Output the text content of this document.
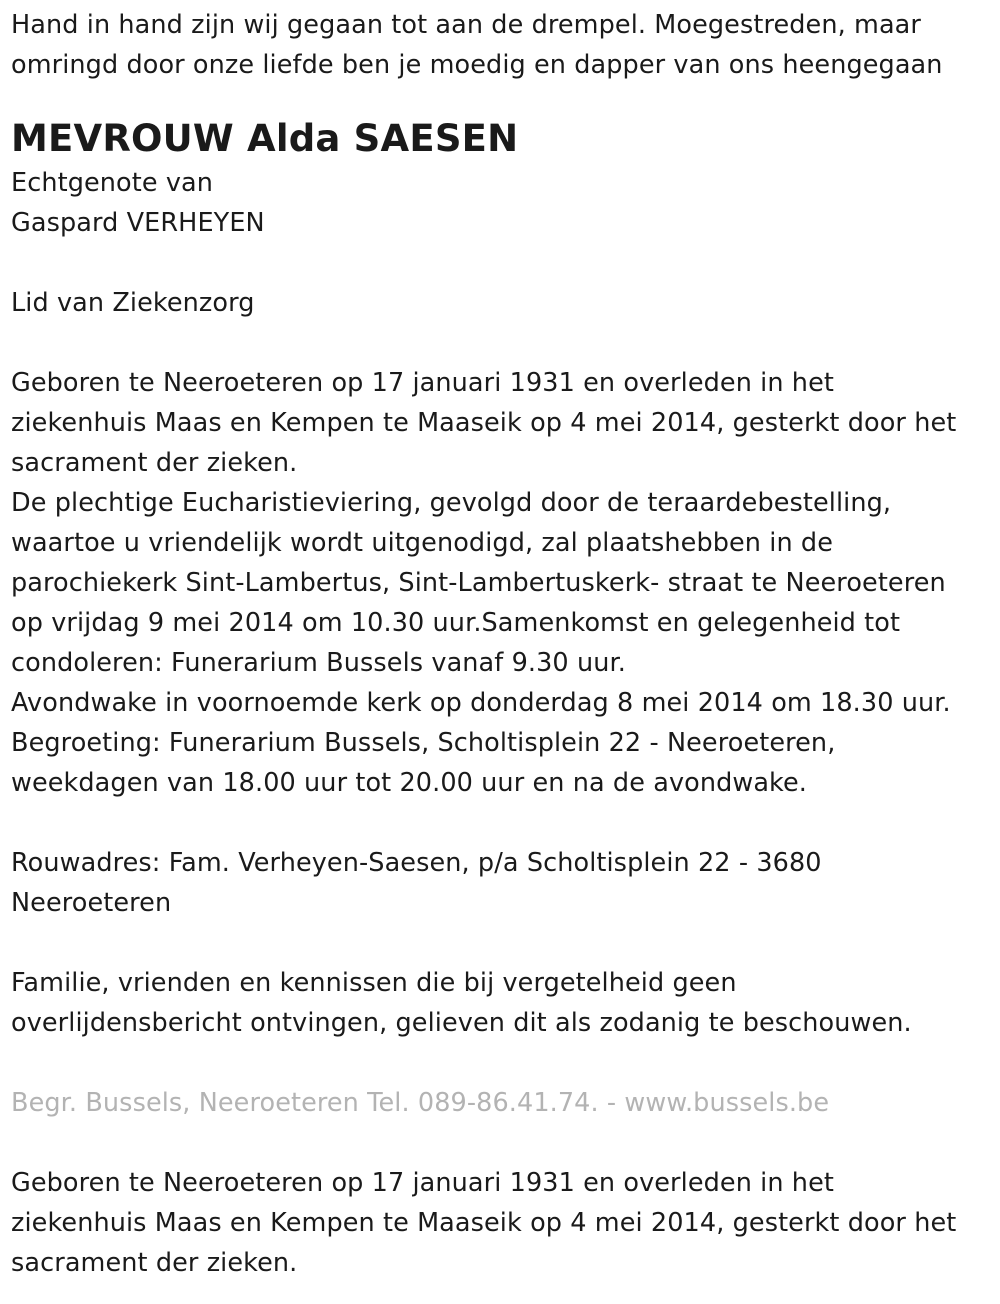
Hand in hand zijn wij gegaan tot aan de drempel. Moegestreden, maar
omringd door onze liefde ben je moedig en dapper van ons heengegaan
MEVROUW Alda SAESEN
Echtgenote van
Gaspard VERHEYEN
Lid van Ziekenzorg
Geboren te Neeroeteren op 17 januari 1931 en overleden in het
ziekenhuis Maas en Kempen te Maaseik op 4 mei 2014, gesterkt door het
sacrament der zieken.
De plechtige Eucharistieviering, gevolgd door de teraardebestelling,
waartoe u vriendelijk wordt uitgenodigd, zal plaatshebben in de
parochiekerk Sint-Lambertus, Sint-Lambertuskerk- straat te Neeroeteren
op vrijdag 9 mei 2014 om 10.30 uur.Samenkomst en gelegenheid tot
condoleren: Funerarium Bussels vanaf 9.30 uur.
Avondwake in voornoemde kerk op donderdag 8 mei 2014 om 18.30 uur.
Begroeting: Funerarium Bussels, Scholtisplein 22 - Neeroeteren,
weekdagen van 18.00 uur tot 20.00 uur en na de avondwake.
Rouwadres: Fam. Verheyen-Saesen, p/a Scholtisplein 22 - 3680
Neeroeteren
Familie, vrienden en kennissen die bij vergetelheid geen
overlijdensbericht ontvingen, gelieven dit als zodanig te beschouwen.
Begr. Bussels, Neeroeteren Tel. 089-86.41.74. - www.bussels.be
Geboren te Neeroeteren op 17 januari 1931 en overleden in het
ziekenhuis Maas en Kempen te Maaseik op 4 mei 2014, gesterkt door het
sacrament der zieken.
